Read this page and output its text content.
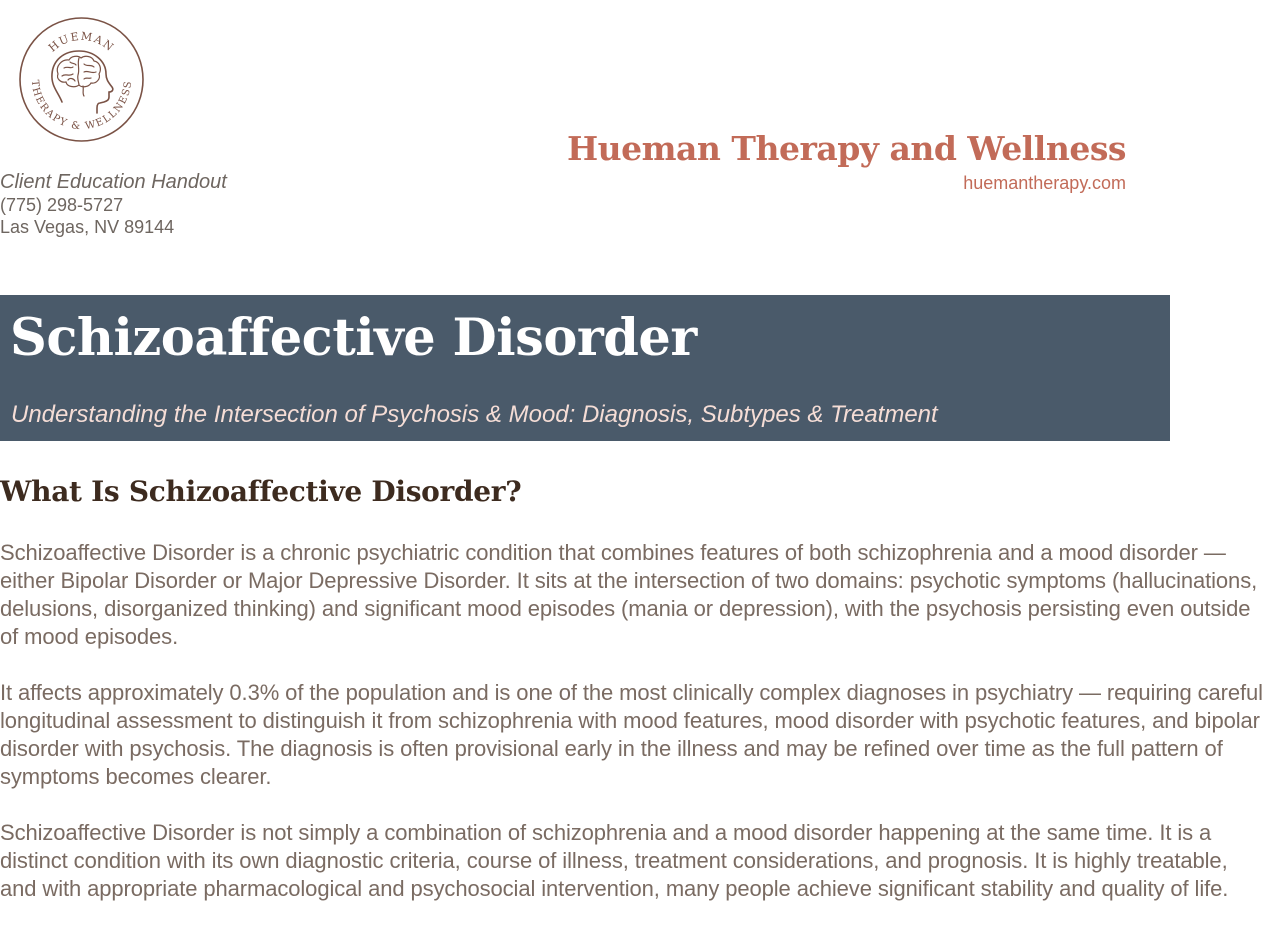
HUEMAN
THERAPY & WELLNESS
Hueman Therapy and Wellness
huemantherapy.com
Client Education Handout
(775) 298-5727
Las Vegas, NV 89144
Schizoaffective Disorder
Understanding the Intersection of Psychosis & Mood: Diagnosis, Subtypes & Treatment
What Is Schizoaffective Disorder?

Schizoaffective Disorder is a chronic psychiatric condition that combines features of both schizophrenia and a mood disorder — either Bipolar Disorder or Major Depressive Disorder. It sits at the intersection of two domains: psychotic symptoms (hallucinations, delusions, disorganized thinking) and significant mood episodes (mania or depression), with the psychosis persisting even outside of mood episodes.

It affects approximately 0.3% of the population and is one of the most clinically complex diagnoses in psychiatry — requiring careful longitudinal assessment to distinguish it from schizophrenia with mood features, mood disorder with psychotic features, and bipolar disorder with psychosis. The diagnosis is often provisional early in the illness and may be refined over time as the full pattern of symptoms becomes clearer.

Schizoaffective Disorder is not simply a combination of schizophrenia and a mood disorder happening at the same time. It is a distinct condition with its own diagnostic criteria, course of illness, treatment considerations, and prognosis. It is highly treatable, and with appropriate pharmacological and psychosocial intervention, many people achieve significant stability and quality of life.
